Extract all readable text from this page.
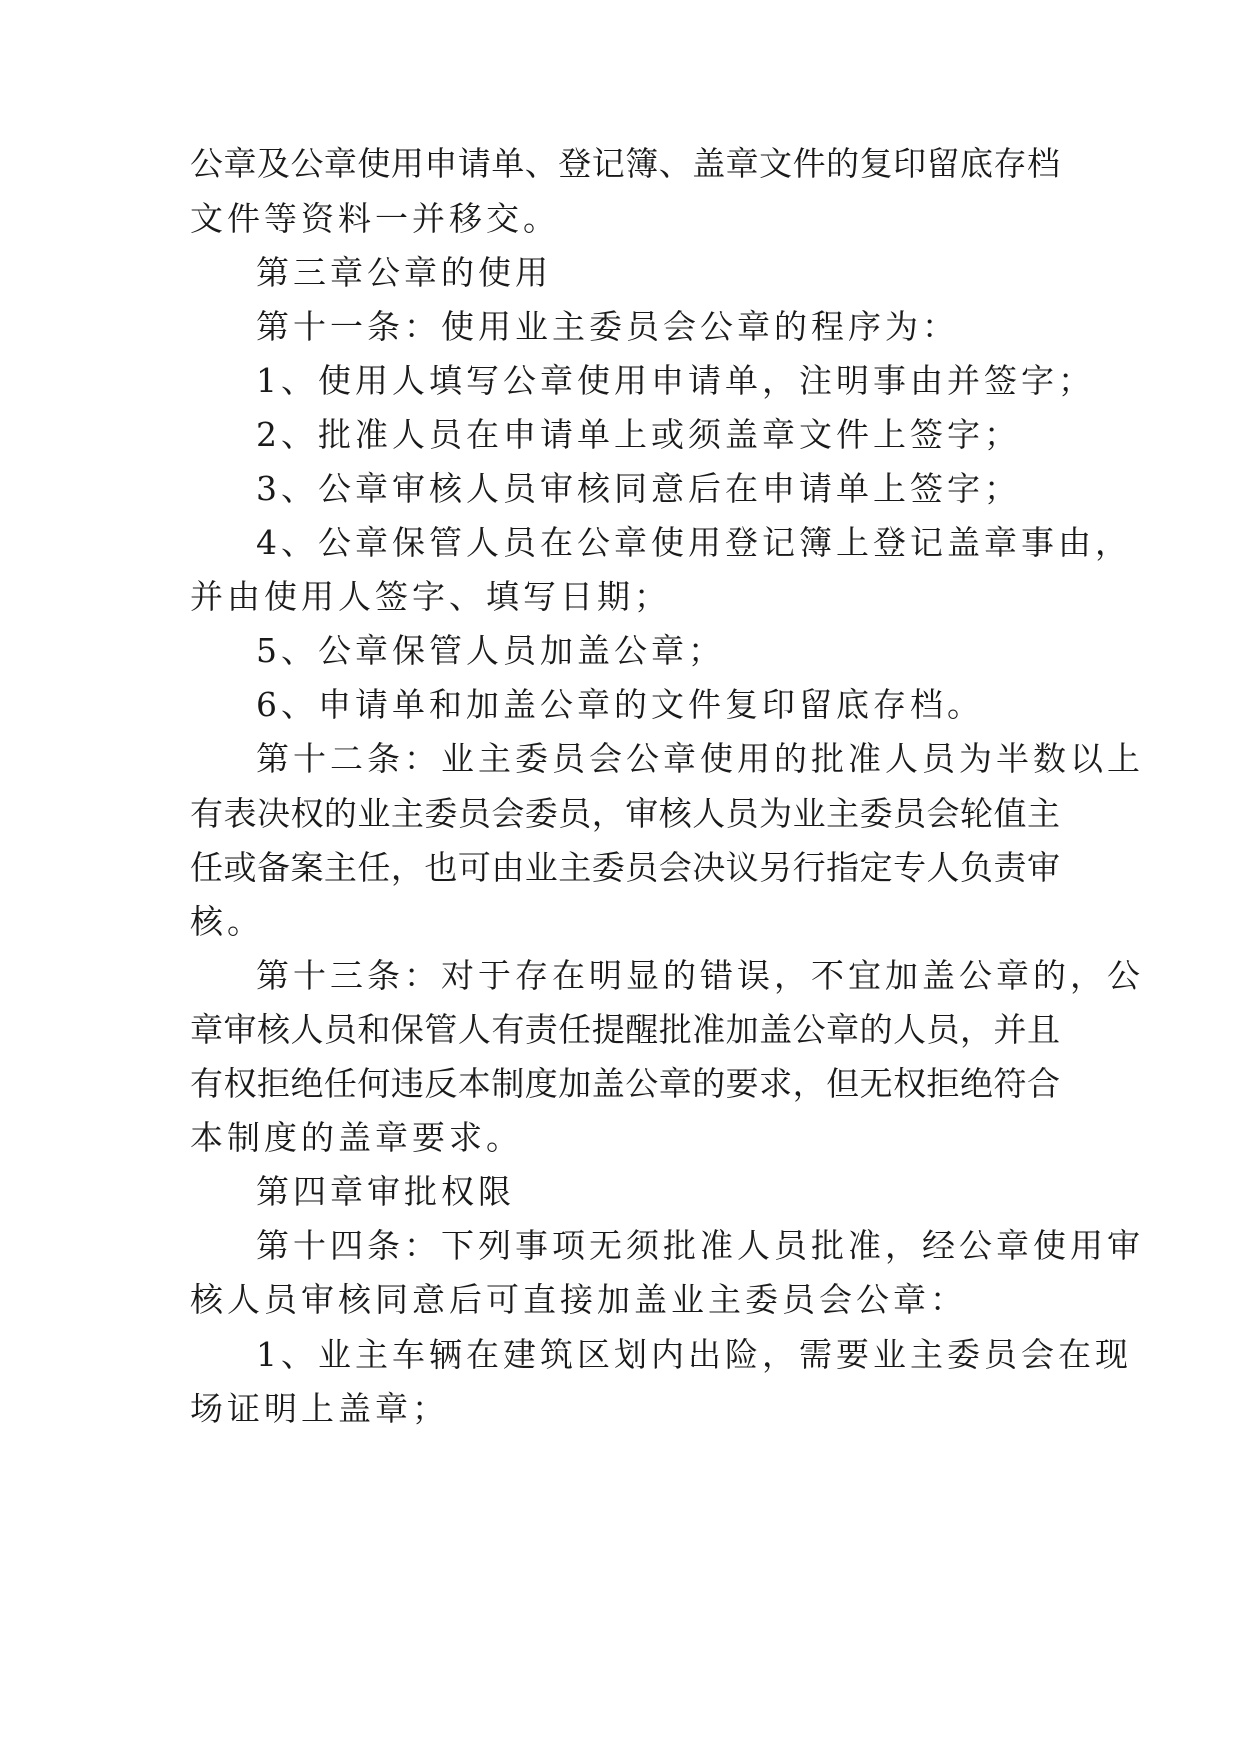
公章及公章使用申请单、登记簿、盖章文件的复印留底存档
文件等资料一并移交。
第三章公章的使用
第十一条：使用业主委员会公章的程序为：
1、使用人填写公章使用申请单，注明事由并签字；
2、批准人员在申请单上或须盖章文件上签字；
3、公章审核人员审核同意后在申请单上签字；
4、公章保管人员在公章使用登记簿上登记盖章事由，
并由使用人签字、填写日期；
5、公章保管人员加盖公章；
6、申请单和加盖公章的文件复印留底存档。
第十二条：业主委员会公章使用的批准人员为半数以上
有表决权的业主委员会委员，审核人员为业主委员会轮值主
任或备案主任，也可由业主委员会决议另行指定专人负责审
核。
第十三条：对于存在明显的错误，不宜加盖公章的，公
章审核人员和保管人有责任提醒批准加盖公章的人员，并且
有权拒绝任何违反本制度加盖公章的要求，但无权拒绝符合
本制度的盖章要求。
第四章审批权限
第十四条：下列事项无须批准人员批准，经公章使用审
核人员审核同意后可直接加盖业主委员会公章：
1、业主车辆在建筑区划内出险，需要业主委员会在现
场证明上盖章；
